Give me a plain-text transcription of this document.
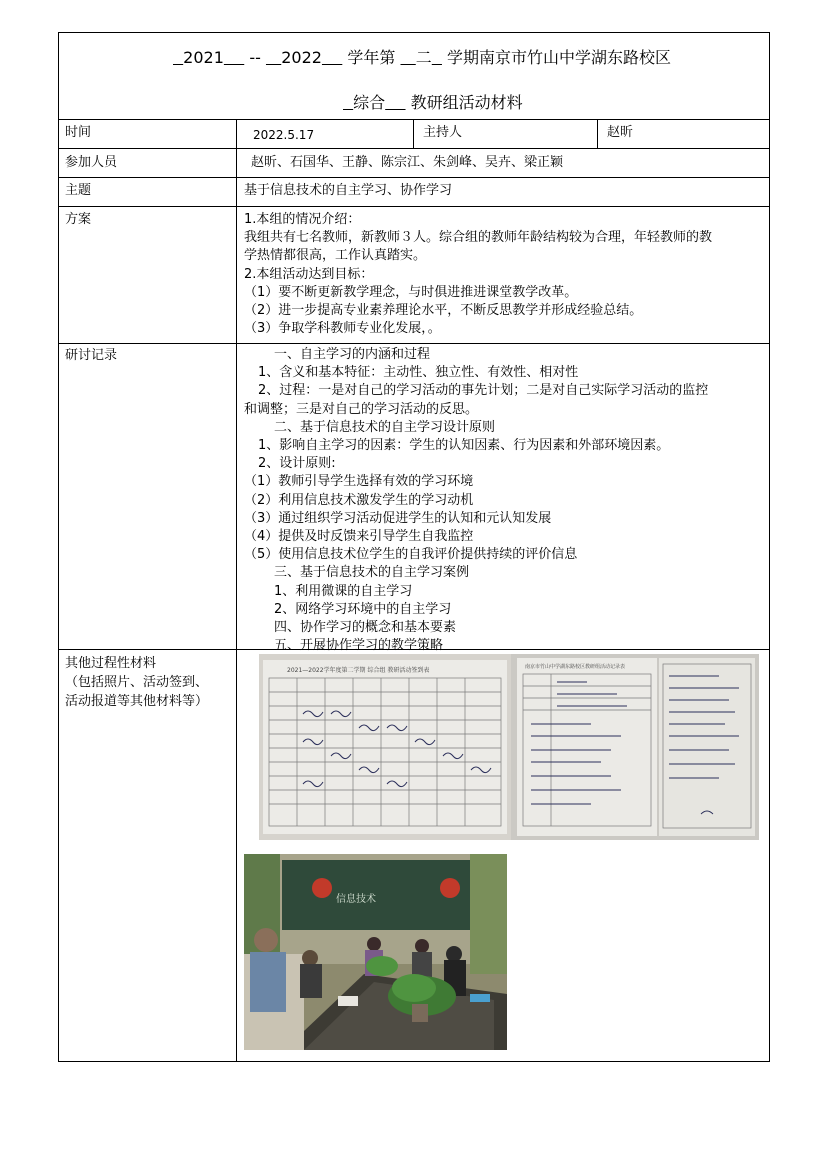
2021 -- 2022 学年第 二 学期南京市竹山中学湖东路校区
综合 教研组活动材料
时间	2022.5.17	主持人	赵昕
参加人员	赵昕、石国华、王静、陈宗江、朱剑峰、吴卉、梁正颖
主题	基于信息技术的自主学习、协作学习
方案	1.本组的情况介绍：
我组共有七名教师，新教师３人。综合组的教师年龄结构较为合理，年轻教师的教
学热情都很高，工作认真踏实。
2.本组活动达到目标：
（1）要不断更新教学理念，与时俱进推进课堂教学改革。
（2）进一步提高专业素养理论水平，不断反思教学并形成经验总结。
（3）争取学科教师专业化发展，。
研讨记录	一、自主学习的内涵和过程
1、含义和基本特征：主动性、独立性、有效性、相对性
2、过程：一是对自己的学习活动的事先计划；二是对自己实际学习活动的监控
和调整；三是对自己的学习活动的反思。
二、基于信息技术的自主学习设计原则
1、影响自主学习的因素：学生的认知因素、行为因素和外部环境因素。
2、设计原则:
（1）教师引导学生选择有效的学习环境
（2）利用信息技术激发学生的学习动机
（3）通过组织学习活动促进学生的认知和元认知发展
（4）提供及时反馈来引导学生自我监控
（5）使用信息技术位学生的自我评价提供持续的评价信息
三、基于信息技术的自主学习案例
1、利用微课的自主学习
2、网络学习环境中的自主学习
四、协作学习的概念和基本要素
五、开展协作学习的教学策略
其他过程性材料
（包括照片、活动签到、
活动报道等其他材料等）
2021—2022学年度第二学期 综合组 教研活动签到表	南京市竹山中学湖东路校区教研组活动记录表
信息技术
